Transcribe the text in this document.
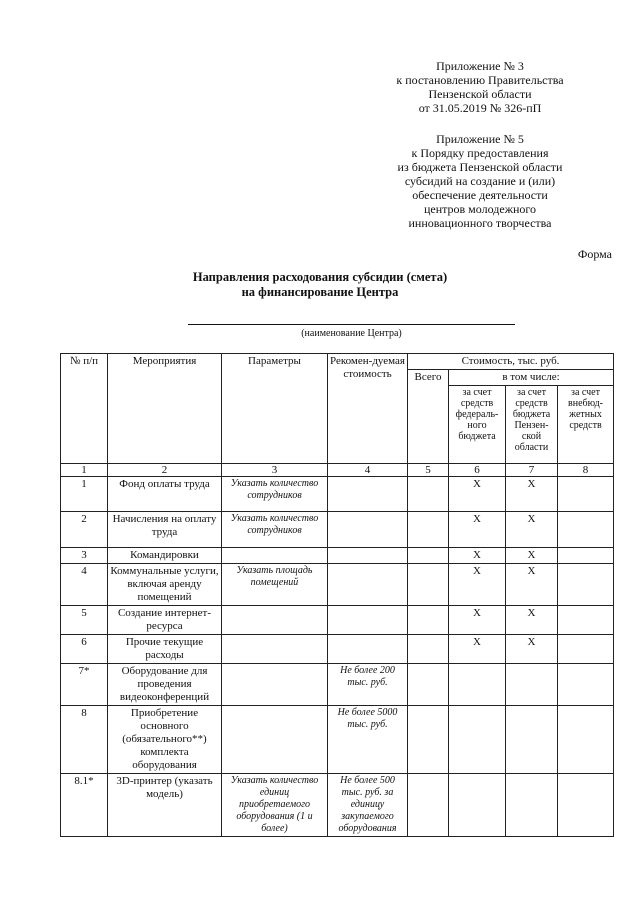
Приложение № 3
к постановлению Правительства
Пензенской области
от 31.05.2019 № 326-пП
Приложение № 5
к Порядку предоставления
из бюджета Пензенской области
субсидий на создание и (или)
обеспечение деятельности
центров молодежного
инновационного творчества
Форма
Направления расходования субсидии (смета)
на финансирование Центра
(наименование Центра)
№ п/п	Мероприятия	Параметры	Рекомен-дуемая стоимость	Стоимость, тыс. руб.			
				Всего	в том числе:		
					за счет средств федераль-ного бюджета	за счет средств бюджета Пензен-ской области	за счет внебюд-жетных средств
1	2	3	4	5	6	7	8
1	Фонд оплаты труда	Указать количество сотрудников			X	X	
2	Начисления на оплату труда	Указать количество сотрудников			X	X	
3	Командировки				X	X	
4	Коммунальные услуги, включая аренду помещений	Указать площадь помещений			X	X	
5	Создание интернет-ресурса				X	X	
6	Прочие текущие расходы				X	X	
7*	Оборудование для проведения видеоконференций		Не более 200 тыс. руб.				
8	Приобретение основного (обязательного**) комплекта оборудования		Не более 5000 тыс. руб.				
8.1*	3D-принтер (указать модель)	Указать количество единиц приобретаемого оборудования (1 и более)	Не более 500 тыс. руб. за единицу закупаемого оборудования				
